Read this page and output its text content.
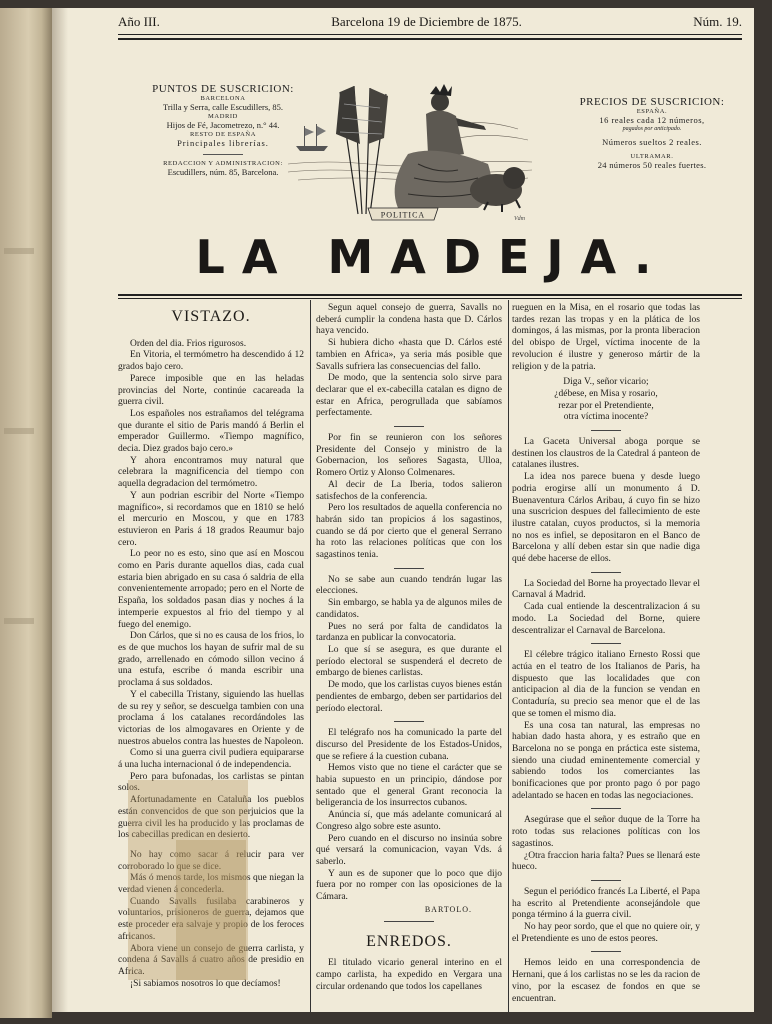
Año III.	Barcelona 19 de Diciembre de 1875.	Núm. 19.
PUNTOS DE SUSCRICION:
BARCELONA
Trilla y Serra, calle Escudillers, 85.
MADRID
Hijos de Fé, Jacometrezo, n.° 44.
RESTO DE ESPAÑA
Principales librerías.
REDACCION Y ADMINISTRACION:
Escudillers, núm. 85, Barcelona.
POLITICA	Vdm
PRECIOS DE SUSCRICION:
ESPAÑA.
16 reales cada 12 números,
pagados por anticipado.
Números sueltos 2 reales.
ULTRAMAR.
24 números 50 reales fuertes.
LA MADEJA.
VISTAZO.

Orden del dia. Frios rigurosos.

En Vitoria, el termómetro ha descendido á 12 grados bajo cero.

Parece imposible que en las heladas provincias del Norte, continúe cacareada la guerra civil.

Los españoles nos estrañamos del telégrama que durante el sitio de Paris mandó á Berlin el emperador Guillermo. «Tiempo magnífico, decia. Diez grados bajo cero.»

Y ahora encontramos muy natural que celebrara la magnificencia del tiempo con aquella degradacion del termómetro.

Y aun podrian escribir del Norte «Tiempo magnífico», si recordamos que en 1810 se heló el mercurio en Moscou, y que en 1783 estuvieron en Paris á 18 grados Reaumur bajo cero.

Lo peor no es esto, sino que así en Moscou como en Paris durante aquellos dias, cada cual estaria bien abrigado en su casa ó saldria de ella convenientemente arropado; pero en el Norte de España, los soldados pasan dias y noches á la intemperie expuestos al frio del tiempo y al fuego del enemigo.

Don Cárlos, que si no es causa de los frios, lo es de que muchos los hayan de sufrir mal de su grado, arrellenado en cómodo sillon vecino á una estufa, escribe ó manda escribir una proclama á sus soldados.

Y el cabecilla Tristany, siguiendo las huellas de su rey y señor, se descuelga tambien con una proclama á los catalanes recordándoles las victorias de los almogavares en Oriente y de nuestros abuelos contra las huestes de Napoleon.

Como si una guerra civil pudiera equipararse á una lucha internacional ó de independencia.

Pero para bufonadas, los carlistas se pintan solos.

Afortunadamente en Cataluña los pueblos están convencidos de que son perjuicios que la guerra civil les ha producido y las proclamas de los cabecillas predican en desierto.

No hay como sacar á relucir para ver corroborado lo que se dice.

Más ó menos tarde, los mismos que niegan la verdad vienen á concederla.

Cuando Savalls fusilaba carabineros y voluntarios, prisioneros de guerra, dejamos que este proceder era salvaje y propio de los feroces africanos.

Abora viene un consejo de guerra carlista, y condena á Savalls á cuatro años de presidio en Africa.

¡Si sabiamos nosotros lo que decíamos!

Segun aquel consejo de guerra, Savalls no deberá cumplir la condena hasta que D. Cárlos haya vencido.

Si hubiera dicho «hasta que D. Cárlos esté tambien en Africa», ya seria más posible que Savalls sufriera las consecuencias del fallo.

De modo, que la sentencia solo sirve para declarar que el ex-cabecilla catalan es digno de estar en Africa, perogrullada que sabíamos perfectamente.

Por fin se reunieron con los señores Presidente del Consejo y ministro de la Gobernacion, los señores Sagasta, Ulloa, Romero Ortiz y Alonso Colmenares.

Al decir de La Iberia, todos salieron satisfechos de la conferencia.

Pero los resultados de aquella conferencia no habrán sido tan propicios á los sagastinos, cuando se dá por cierto que el general Serrano ha roto las relaciones políticas que con los sagastinos tenia.

No se sabe aun cuando tendrán lugar las elecciones.

Sin embargo, se habla ya de algunos miles de candidatos.

Pues no será por falta de candidatos la tardanza en publicar la convocatoria.

Lo que sí se asegura, es que durante el período electoral se suspenderá el decreto de embargo de bienes carlistas.

De modo, que los carlistas cuyos bienes están pendientes de embargo, deben ser partidarios del período electoral.

El telégrafo nos ha comunicado la parte del discurso del Presidente de los Estados-Unidos, que se refiere á la cuestion cubana.

Hemos visto que no tiene el carácter que se habia supuesto en un principio, dándose por sentado que el general Grant reconocia la beligerancia de los insurrectos cubanos.

Anúncia sí, que más adelante comunicará al Congreso algo sobre este asunto.

Pero cuando en el discurso no insinúa sobre qué versará la comunicacion, vayan Vds. á saberlo.

Y aun es de suponer que lo poco que dijo fuera por no romper con las oposiciones de la Cámara.

BARTOLO.

ENREDOS.

El titulado vicario general interino en el campo carlista, ha expedido en Vergara una circular ordenando que todos los capellanes

rueguen en la Misa, en el rosario que todas las tardes rezan las tropas y en la plática de los domingos, á las mismas, por la pronta liberacion del obispo de Urgel, víctima inocente de la revolucion é ilustre y generoso mártir de la religion y de la patria.

Diga V., señor vicario;

¿débese, en Misa y rosario,

rezar por el Pretendiente,

otra víctima inocente?

La Gaceta Universal aboga porque se destinen los claustros de la Catedral á panteon de catalanes ilustres.

La idea nos parece buena y desde luego podria erogirse allí un monumento á D. Buenaventura Cárlos Aribau, á cuyo fin se hizo una suscricion despues del fallecimiento de este ilustre catalan, cuyos productos, si la memoria no nos es infiel, se depositaron en el Banco de Barcelona y allí deben estar sin que nadie diga qué debe hacerse de ellos.

La Sociedad del Borne ha proyectado llevar el Carnaval á Madrid.

Cada cual entiende la descentralizacion á su modo. La Sociedad del Borne, quiere descentralizar el Carnaval de Barcelona.

El célebre trágico italiano Ernesto Rossi que actúa en el teatro de los Italianos de Paris, ha dispuesto que las localidades que con anticipacion al dia de la funcion se vendan en Contaduría, su precio sea menor que el de las que se tomen el mismo dia.

Es una cosa tan natural, las empresas no habian dado hasta ahora, y es estraño que en Barcelona no se ponga en práctica este sistema, siendo una ciudad eminentemente comercial y sabiendo todos los comerciantes las bonificaciones que por pronto pago ó por pago adelantado se hacen en todas las negociaciones.

Asegúrase que el señor duque de la Torre ha roto todas sus relaciones políticas con los sagastinos.

¿Otra fraccion haria falta? Pues se llenará este hueco.

Segun el periódico francés La Liberté, el Papa ha escrito al Pretendiente aconsejándole que ponga término á la guerra civil.

No hay peor sordo, que el que no quiere oir, y el Pretendiente es uno de estos peores.

Hemos leido en una correspondencia de Hernani, que á los carlistas no se les da racion de vino, por la escasez de fondos en que se encuentran.
